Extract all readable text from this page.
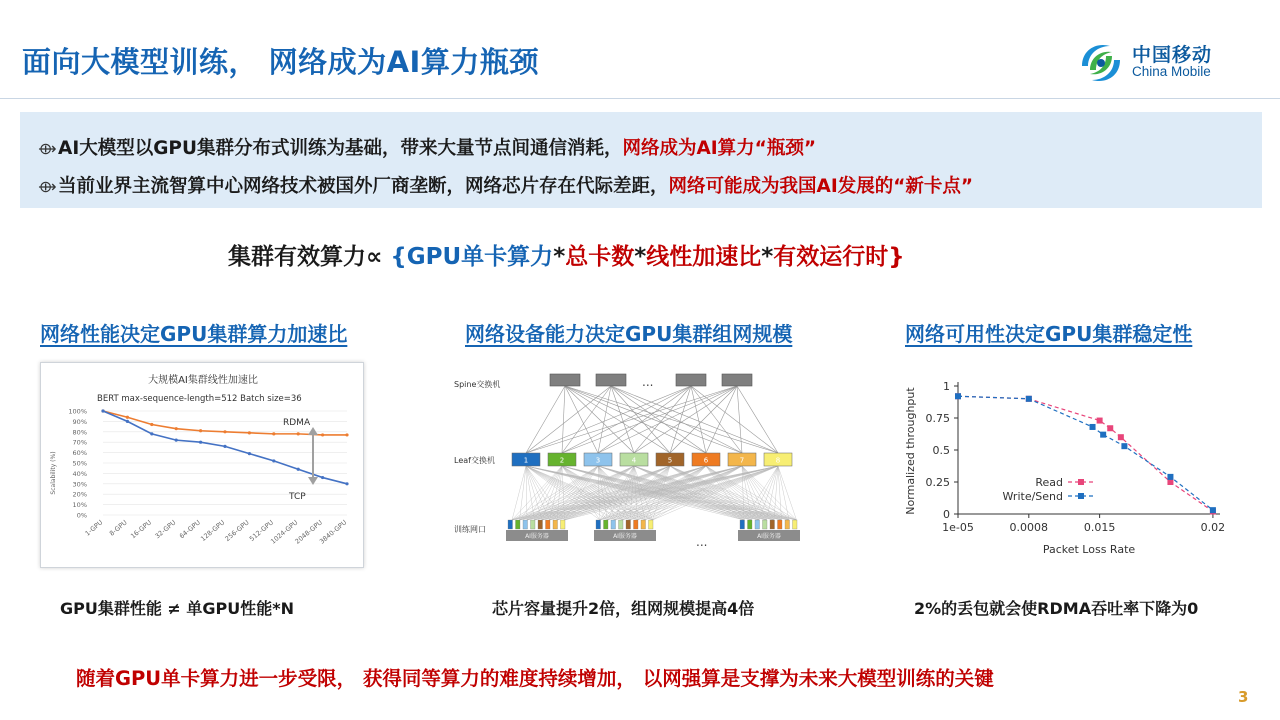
面向大模型训练， 网络成为AI算力瓶颈	中国移动
China Mobile
⟴AI大模型以GPU集群分布式训练为基础，带来大量节点间通信消耗，网络成为AI算力“瓶颈”
⟴当前业界主流智算中心网络技术被国外厂商垄断，网络芯片存在代际差距，网络可能成为我国AI发展的“新卡点”
集群有效算力∝ {GPU单卡算力*总卡数*线性加速比*有效运行时}
网络性能决定GPU集群算力加速比	网络设备能力决定GPU集群组网规模	网络可用性决定GPU集群稳定性
大规模AI集群线性加速比
BERT max-sequence-length=512 Batch size=36
Scalability (%)
100%
90%
80%
70%
60%
50%
40%
30%
20%
10%
0%
1-GPU 8-GPU 16-GPU 32-GPU 64-GPU
128-GPU
256-GPU
512-GPU
1024-GPU
2048-GPU
3840-GPU
RDMA
TCP
1	2	3	4	5	6	7	8
AI服务器	AI服务器	AI服务器
Spine交换机
Leaf交换机
训练网口
...
...
Normalized throughput
Packet Loss Rate
1
0.75
0.5
0.25
0
1e-05	0.0008	0.015	0.02
Read
Write/Send
GPU集群性能 ≠ 单GPU性能*N	芯片容量提升2倍，组网规模提高4倍	2%的丢包就会使RDMA吞吐率下降为0
随着GPU单卡算力进一步受限， 获得同等算力的难度持续增加， 以网强算是支撑为未来大模型训练的关键
3
